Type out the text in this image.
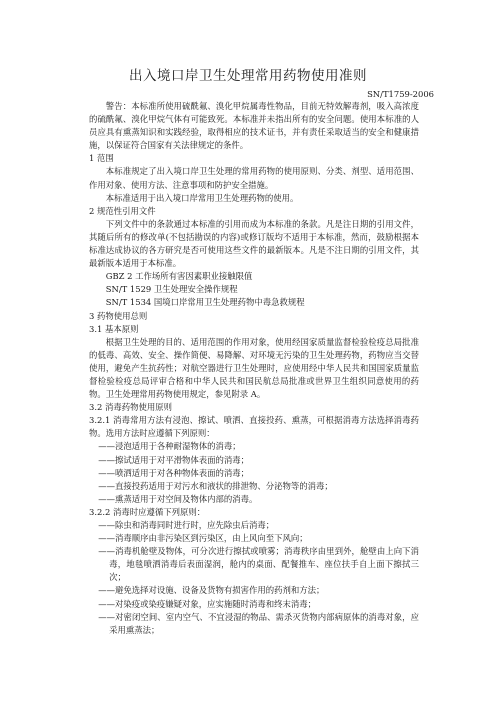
出入境口岸卫生处理常用药物使用准则
SN/T1759-2006

警告：本标准所使用硫酰氟、溴化甲烷属毒性物品，目前无特效解毒剂，吸入高浓度的硫酰氟、溴化甲烷气体有可能致死。本标准并未指出所有的安全问题。使用本标准的人员应具有熏蒸知识和实践经验，取得相应的技术证书，并有责任采取适当的安全和健康措施，以保证符合国家有关法律规定的条件。

1 范围

本标准规定了出入境口岸卫生处理的常用药物的使用原则、分类、剂型、适用范围、作用对象、使用方法、注意事项和防护安全措施。

本标准适用于出入境口岸常用卫生处理药物的使用。

2 规范性引用文件

下列文件中的条款通过本标准的引用而成为本标准的条款。凡是注日期的引用文件，其随后所有的修改单(不包括勘误的内容)或修订版均不适用于本标准，然而，鼓励根据本标准达成协议的各方研究是否可使用这些文件的最新版本。凡是不注日期的引用文件，其最新版本适用于本标准。

GBZ 2 工作场所有害因素职业接触限值

SN/T 1529 卫生处理安全操作规程

SN/T 1534 国境口岸常用卫生处理药物中毒急救规程

3 药物使用总则

3.1 基本原则

根据卫生处理的目的、适用范围的作用对象，使用经国家质量监督检验检疫总局批准的低毒、高效、安全、操作简便、易降解、对环境无污染的卫生处理药物，药物应当交替使用，避免产生抗药性；对航空器进行卫生处理时，应使用经中华人民共和国国家质量监督检验检疫总局评审合格和中华人民共和国民航总局批准或世界卫生组织同意使用的药物。卫生处理常用药物使用规定，参见附录 A。

3.2 消毒药物使用原则

3.2.1 消毒常用方法有浸泡、擦试、喷洒、直接投药、熏蒸，可根据消毒方法选择消毒药物。选用方法时应遵循下列原则：

——浸泡适用于各种耐湿物体的消毒；

——擦试适用于对平滑物体表面的消毒；

——喷洒适用于对各种物体表面的消毒；

——直接投药适用于对污水和液状的排泄物、分泌物等的消毒；

——熏蒸适用于对空间及物体内部的消毒。

3.2.2 消毒时应遵循下列原则：

——除虫和消毒同时进行时，应先除虫后消毒；

——消毒顺序由非污染区到污染区，由上风向至下风向；

——消毒机舱壁及物体，可分次进行擦拭或喷雾；消毒秩序由里到外，舱壁由上向下消毒，地毯喷洒消毒后表面湿润，舱内的桌面、配餐推车、座位扶手自上面下擦拭三次；

——避免选择对设施、设备及货物有损害作用的药剂和方法；

——对染疫或染疫嫌疑对象，应实施随时消毒和终末消毒；

——对密闭空间、室内空气、不宜浸湿的物品、需杀灭货物内部病原体的消毒对象，应采用熏蒸法；
